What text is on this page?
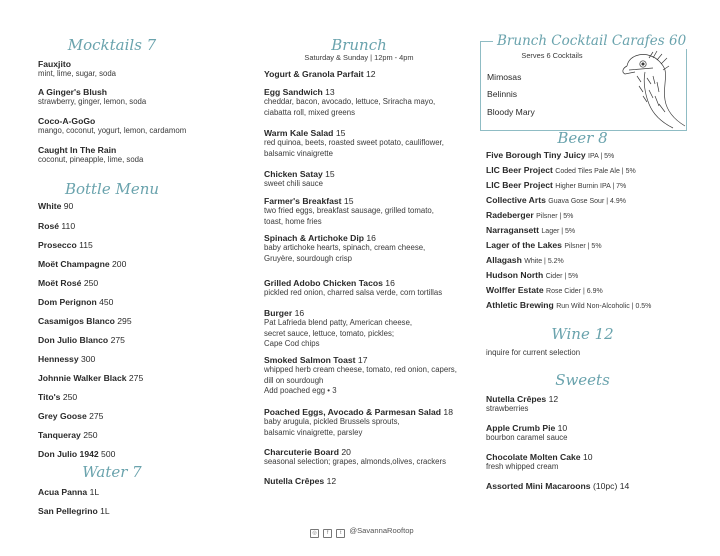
Mocktails 7
Fauxjito
mint, lime, sugar, soda
A Ginger's Blush
strawberry, ginger, lemon, soda
Coco-A-GoGo
mango, coconut, yogurt, lemon, cardamom
Caught In The Rain
coconut, pineapple, lime, soda
Bottle Menu
White 90
Rosé 110
Prosecco 115
Moët Champagne 200
Moët Rosé 250
Dom Perignon 450
Casamigos Blanco 295
Don Julio Blanco 275
Hennessy 300
Johnnie Walker Black 275
Tito's 250
Grey Goose 275
Tanqueray 250
Don Julio 1942 500
Water 7
Acua Panna 1L
San Pellegrino 1L
Brunch
Saturday & Sunday | 12pm - 4pm
Yogurt & Granola Parfait 12
Egg Sandwich 13
cheddar, bacon, avocado, lettuce, Sriracha mayo,
ciabatta roll, mixed greens
Warm Kale Salad 15
red quinoa, beets, roasted sweet potato, cauliflower,
balsamic vinaigrette
Chicken Satay 15
sweet chili sauce
Farmer's Breakfast 15
two fried eggs, breakfast sausage, grilled tomato,
toast, home fries
Spinach & Artichoke Dip 16
baby artichoke hearts, spinach, cream cheese,
Gruyère, sourdough crisp
Grilled Adobo Chicken Tacos 16
pickled red onion, charred salsa verde, corn tortillas
Burger 16
Pat Lafrieda blend patty, American cheese,
secret sauce, lettuce, tomato, pickles;
Cape Cod chips
Smoked Salmon Toast 17
whipped herb cream cheese, tomato, red onion, capers,
dill on sourdough
Add poached egg • 3
Poached Eggs, Avocado & Parmesan Salad 18
baby arugula, pickled Brussels sprouts,
balsamic vinaigrette, parsley
Charcuterie Board 20
seasonal selection; grapes, almonds,olives, crackers
Nutella Crêpes 12
Brunch Cocktail Carafes 60
Serves 6 Cocktails
Mimosas
Belinnis
Bloody Mary
Beer 8
Five Borough Tiny Juicy IPA | 5%
LIC Beer Project Coded Tiles Pale Ale | 5%
LIC Beer Project Higher Burnin IPA | 7%
Collective Arts Guava Gose Sour | 4.9%
Radeberger Pilsner | 5%
Narragansett Lager | 5%
Lager of the Lakes Pilsner | 5%
Allagash White | 5.2%
Hudson North Cider | 5%
Wolffer Estate Rose Cider | 6.9%
Athletic Brewing Run Wild Non-Alcoholic | 0.5%
Wine 12
inquire for current selection
Sweets
Nutella Crêpes 12
strawberries
Apple Crumb Pie 10
bourbon caramel sauce
Chocolate Molten Cake 10
fresh whipped cream
Assorted Mini Macaroons (10pc) 14
◎ f t @SavannaRooftop
